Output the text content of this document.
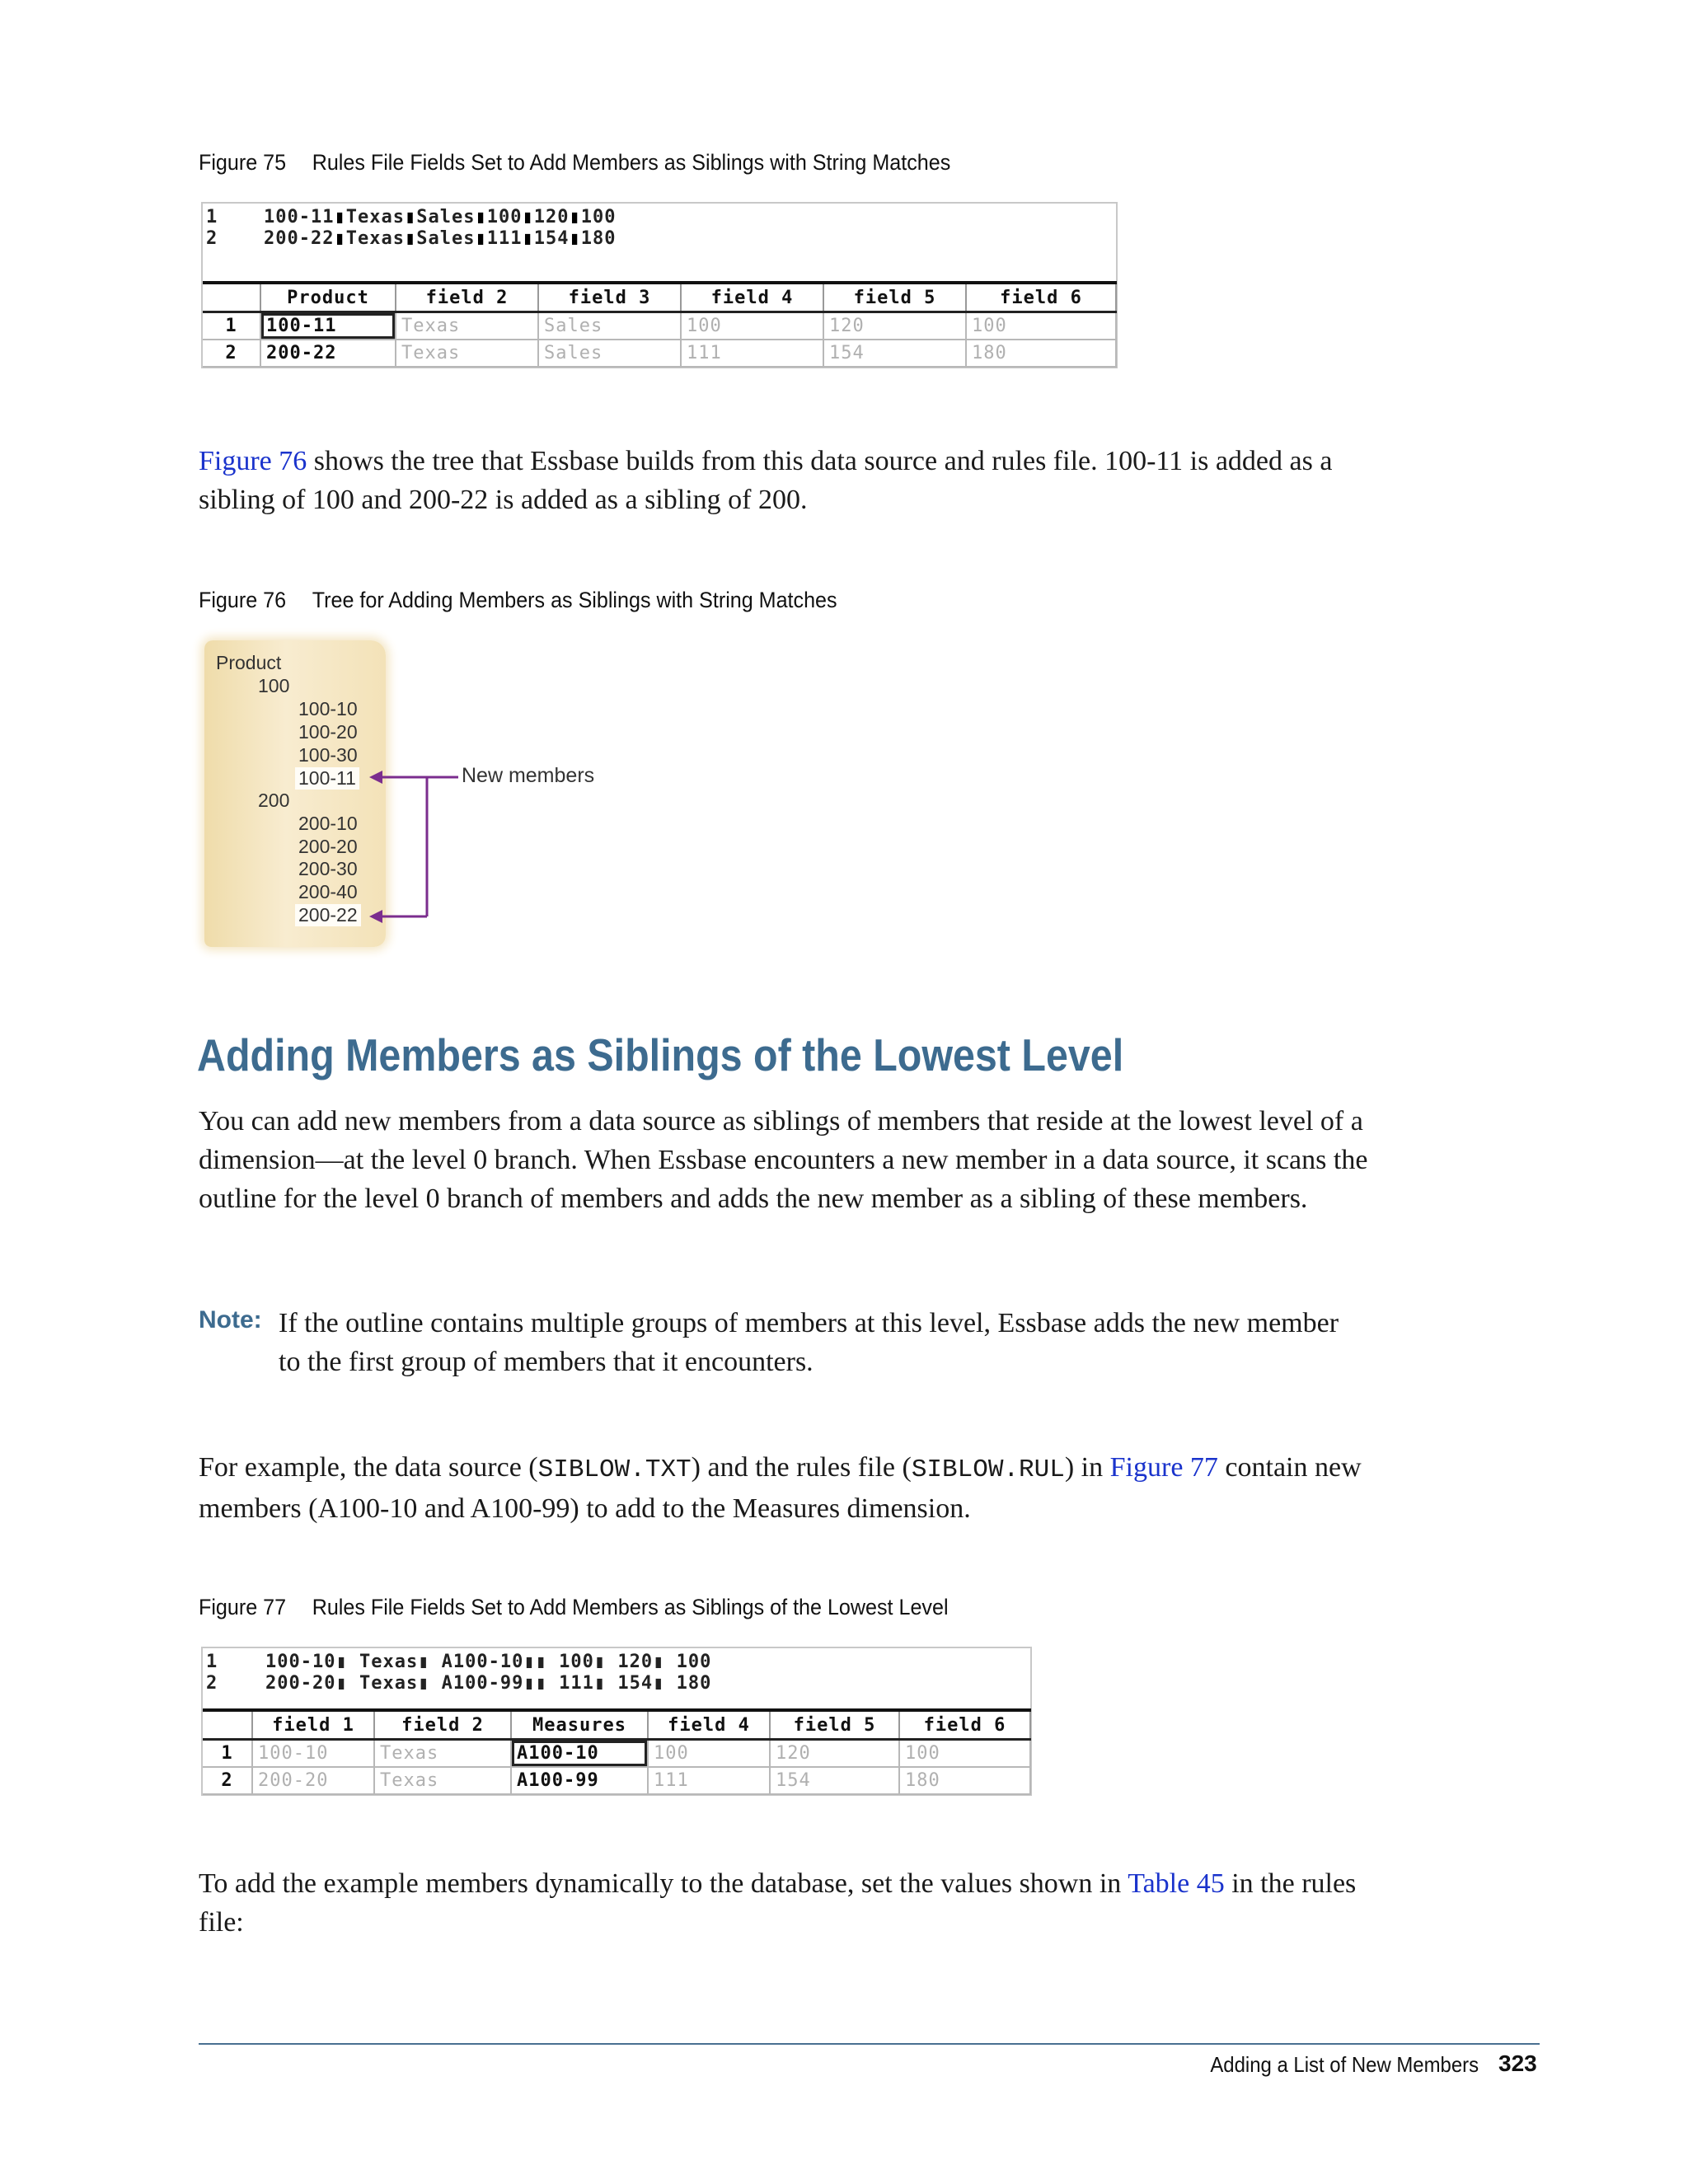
Figure 75 Rules File Fields Set to Add Members as Siblings with String Matches
1	100-11▮Texas▮Sales▮100▮120▮100
2	200-22▮Texas▮Sales▮111▮154▮180
	Product	field 2	field 3	field 4	field 5	field 6
1	100-11	Texas	Sales	100	120	100
2	200-22	Texas	Sales	111	154	180
Figure 76 shows the tree that Essbase builds from this data source and rules file. 100-11 is added as a sibling of 100 and 200-22 is added as a sibling of 200.
Figure 76 Tree for Adding Members as Siblings with String Matches
Product
100
100-10
100-20
100-30
100-11
200
200-10
200-20
200-30
200-40
200-22
New members
Adding Members as Siblings of the Lowest Level
You can add new members from a data source as siblings of members that reside at the lowest level of a dimension—at the level 0 branch. When Essbase encounters a new member in a data source, it scans the outline for the level 0 branch of members and adds the new member as a sibling of these members.
Note: If the outline contains multiple groups of members at this level, Essbase adds the new member to the first group of members that it encounters.
For example, the data source (SIBLOW.TXT) and the rules file (SIBLOW.RUL) in Figure 77 contain new members (A100-10 and A100-99) to add to the Measures dimension.
Figure 77 Rules File Fields Set to Add Members as Siblings of the Lowest Level
1	100-10▮ Texas▮ A100-10▮▮ 100▮ 120▮ 100
2	200-20▮ Texas▮ A100-99▮▮ 111▮ 154▮ 180
	field 1	field 2	Measures	field 4	field 5	field 6
1	100-10	Texas	A100-10	100	120	100
2	200-20	Texas	A100-99	111	154	180
To add the example members dynamically to the database, set the values shown in Table 45 in the rules file:
Adding a List of New Members 323
